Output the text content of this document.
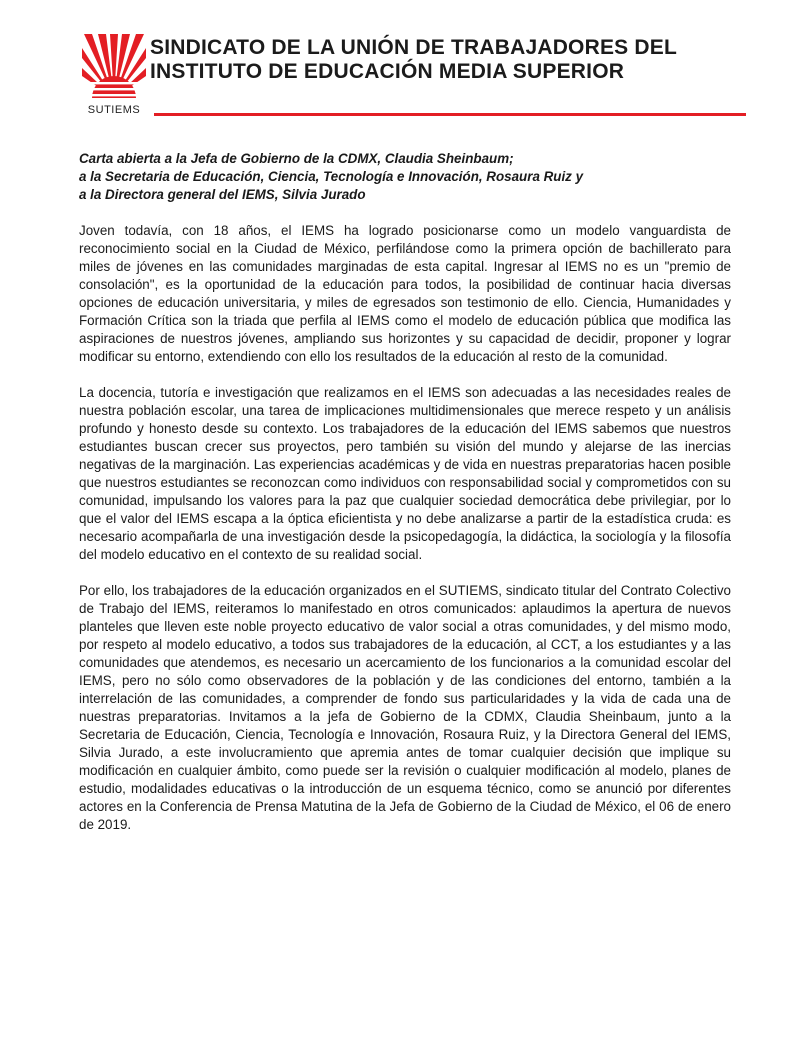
SUTIEMS
SINDICATO DE LA UNIÓN DE TRABAJADORES DEL
INSTITUTO DE EDUCACIÓN MEDIA SUPERIOR
Carta abierta a la Jefa de Gobierno de la CDMX, Claudia Sheinbaum;
a la Secretaria de Educación, Ciencia, Tecnología e Innovación, Rosaura Ruiz y
a la Directora general del IEMS, Silvia Jurado

Joven todavía, con 18 años, el IEMS ha logrado posicionarse como un modelo vanguardista de reconocimiento social en la Ciudad de México, perfilándose como la primera opción de bachillerato para miles de jóvenes en las comunidades marginadas de esta capital. Ingresar al IEMS no es un "premio de consolación", es la oportunidad de la educación para todos, la posibilidad de continuar hacia diversas opciones de educación universitaria, y miles de egresados son testimonio de ello. Ciencia, Humanidades y Formación Crítica son la triada que perfila al IEMS como el modelo de educación pública que modifica las aspiraciones de nuestros jóvenes, ampliando sus horizontes y su capacidad de decidir, proponer y lograr modificar su entorno, extendiendo con ello los resultados de la educación al resto de la comunidad.

La docencia, tutoría e investigación que realizamos en el IEMS son adecuadas a las necesidades reales de nuestra población escolar, una tarea de implicaciones multidimensionales que merece respeto y un análisis profundo y honesto desde su contexto. Los trabajadores de la educación del IEMS sabemos que nuestros estudiantes buscan crecer sus proyectos, pero también su visión del mundo y alejarse de las inercias negativas de la marginación. Las experiencias académicas y de vida en nuestras preparatorias hacen posible que nuestros estudiantes se reconozcan como individuos con responsabilidad social y comprometidos con su comunidad, impulsando los valores para la paz que cualquier sociedad democrática debe privilegiar, por lo que el valor del IEMS escapa a la óptica eficientista y no debe analizarse a partir de la estadística cruda: es necesario acompañarla de una investigación desde la psicopedagogía, la didáctica, la sociología y la filosofía del modelo educativo en el contexto de su realidad social.

Por ello, los trabajadores de la educación organizados en el SUTIEMS, sindicato titular del Contrato Colectivo de Trabajo del IEMS, reiteramos lo manifestado en otros comunicados: aplaudimos la apertura de nuevos planteles que lleven este noble proyecto educativo de valor social a otras comunidades, y del mismo modo, por respeto al modelo educativo, a todos sus trabajadores de la educación, al CCT, a los estudiantes y a las comunidades que atendemos, es necesario un acercamiento de los funcionarios a la comunidad escolar del IEMS, pero no sólo como observadores de la población y de las condiciones del entorno, también a la interrelación de las comunidades, a comprender de fondo sus particularidades y la vida de cada una de nuestras preparatorias. Invitamos a la jefa de Gobierno de la CDMX, Claudia Sheinbaum, junto a la Secretaria de Educación, Ciencia, Tecnología e Innovación, Rosaura Ruiz, y la Directora General del IEMS, Silvia Jurado, a este involucramiento que apremia antes de tomar cualquier decisión que implique su modificación en cualquier ámbito, como puede ser la revisión o cualquier modificación al modelo, planes de estudio, modalidades educativas o la introducción de un esquema técnico, como se anunció por diferentes actores en la Conferencia de Prensa Matutina de la Jefa de Gobierno de la Ciudad de México, el 06 de enero de 2019.
